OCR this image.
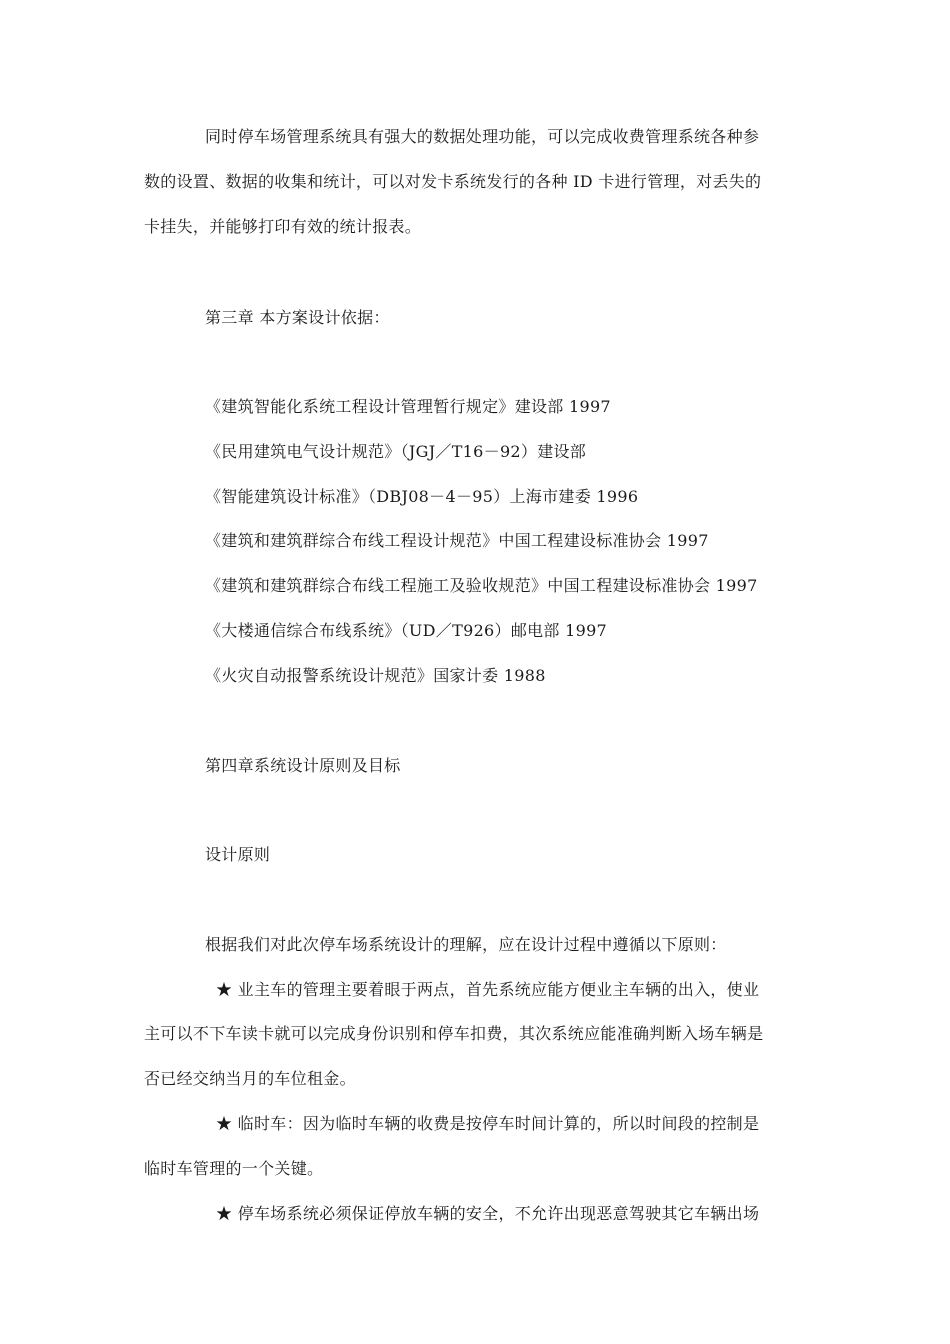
同时停车场管理系统具有强大的数据处理功能，可以完成收费管理系统各种参
数的设置、数据的收集和统计，可以对发卡系统发行的各种 ID 卡进行管理，对丢失的
卡挂失，并能够打印有效的统计报表。
第三章 本方案设计依据：
《建筑智能化系统工程设计管理暂行规定》建设部 1997
《民用建筑电气设计规范》（JGJ／T16－92）建设部
《智能建筑设计标准》（DBJ08－4－95）上海市建委 1996
《建筑和建筑群综合布线工程设计规范》中国工程建设标准协会 1997
《建筑和建筑群综合布线工程施工及验收规范》中国工程建设标准协会 1997
《大楼通信综合布线系统》（UD／T926）邮电部 1997
《火灾自动报警系统设计规范》国家计委 1988
第四章系统设计原则及目标
设计原则
根据我们对此次停车场系统设计的理解，应在设计过程中遵循以下原则：
★ 业主车的管理主要着眼于两点，首先系统应能方便业主车辆的出入，使业
主可以不下车读卡就可以完成身份识别和停车扣费，其次系统应能准确判断入场车辆是
否已经交纳当月的车位租金。
★ 临时车：因为临时车辆的收费是按停车时间计算的，所以时间段的控制是
临时车管理的一个关键。
★ 停车场系统必须保证停放车辆的安全，不允许出现恶意驾驶其它车辆出场
